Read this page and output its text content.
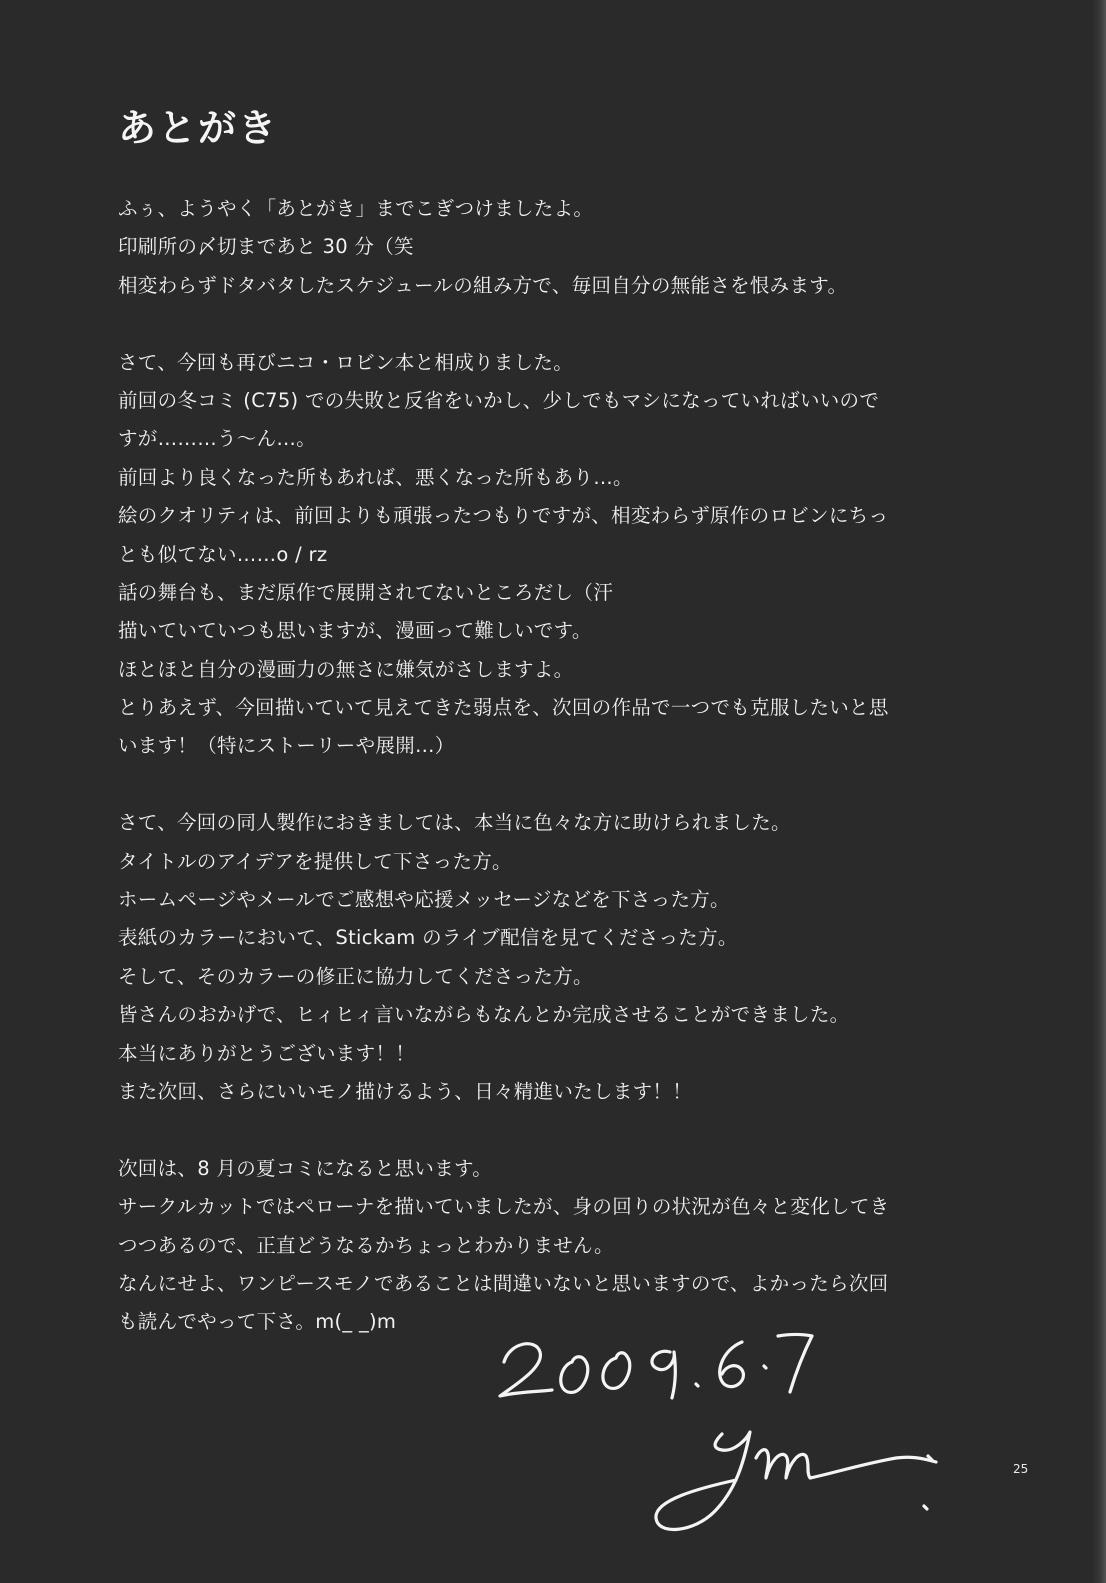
あとがき
ふぅ、ようやく「あとがき」までこぎつけましたよ。
印刷所の〆切まであと 30 分（笑
相変わらずドタバタしたスケジュールの組み方で、毎回自分の無能さを恨みます。
さて、今回も再びニコ・ロビン本と相成りました。
前回の冬コミ (C75) での失敗と反省をいかし、少しでもマシになっていればいいので
すが………う～ん…。
前回より良くなった所もあれば、悪くなった所もあり…。
絵のクオリティは、前回よりも頑張ったつもりですが、相変わらず原作のロビンにちっ
とも似てない……o / rz
話の舞台も、まだ原作で展開されてないところだし（汗
描いていていつも思いますが、漫画って難しいです。
ほとほと自分の漫画力の無さに嫌気がさしますよ。
とりあえず、今回描いていて見えてきた弱点を、次回の作品で一つでも克服したいと思
います！（特にストーリーや展開…）
さて、今回の同人製作におきましては、本当に色々な方に助けられました。
タイトルのアイデアを提供して下さった方。
ホームページやメールでご感想や応援メッセージなどを下さった方。
表紙のカラーにおいて、Stickam のライブ配信を見てくださった方。
そして、そのカラーの修正に協力してくださった方。
皆さんのおかげで、ヒィヒィ言いながらもなんとか完成させることができました。
本当にありがとうございます！！
また次回、さらにいいモノ描けるよう、日々精進いたします！！
次回は、8 月の夏コミになると思います。
サークルカットではペローナを描いていましたが、身の回りの状況が色々と変化してき
つつあるので、正直どうなるかちょっとわかりません。
なんにせよ、ワンピースモノであることは間違いないと思いますので、よかったら次回
も読んでやって下さ。m(_ _)m
25
